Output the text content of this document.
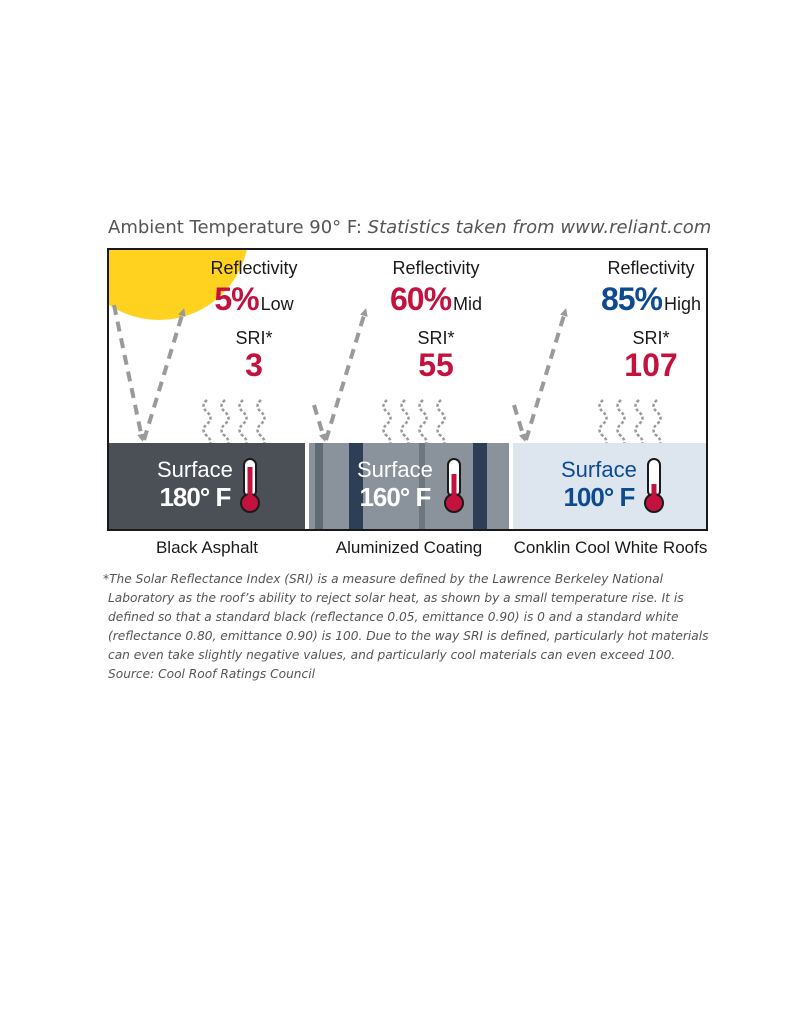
Ambient Temperature 90° F: Statistics taken from www.reliant.com
Reflectivity
5% Low
SRI*
3
Reflectivity
60% Mid
SRI*
55
Reflectivity
85% High
SRI*
107
Surface
180° F
Surface
160° F
Surface
100° F
Black Asphalt	Aluminized Coating	Conklin Cool White Roofs
*The Solar Reflectance Index (SRI) is a measure defined by the Lawrence Berkeley National
Laboratory as the roof’s ability to reject solar heat, as shown by a small temperature rise. It is
defined so that a standard black (reflectance 0.05, emittance 0.90) is 0 and a standard white
(reflectance 0.80, emittance 0.90) is 100. Due to the way SRI is defined, particularly hot materials
can even take slightly negative values, and particularly cool materials can even exceed 100.
Source: Cool Roof Ratings Council
